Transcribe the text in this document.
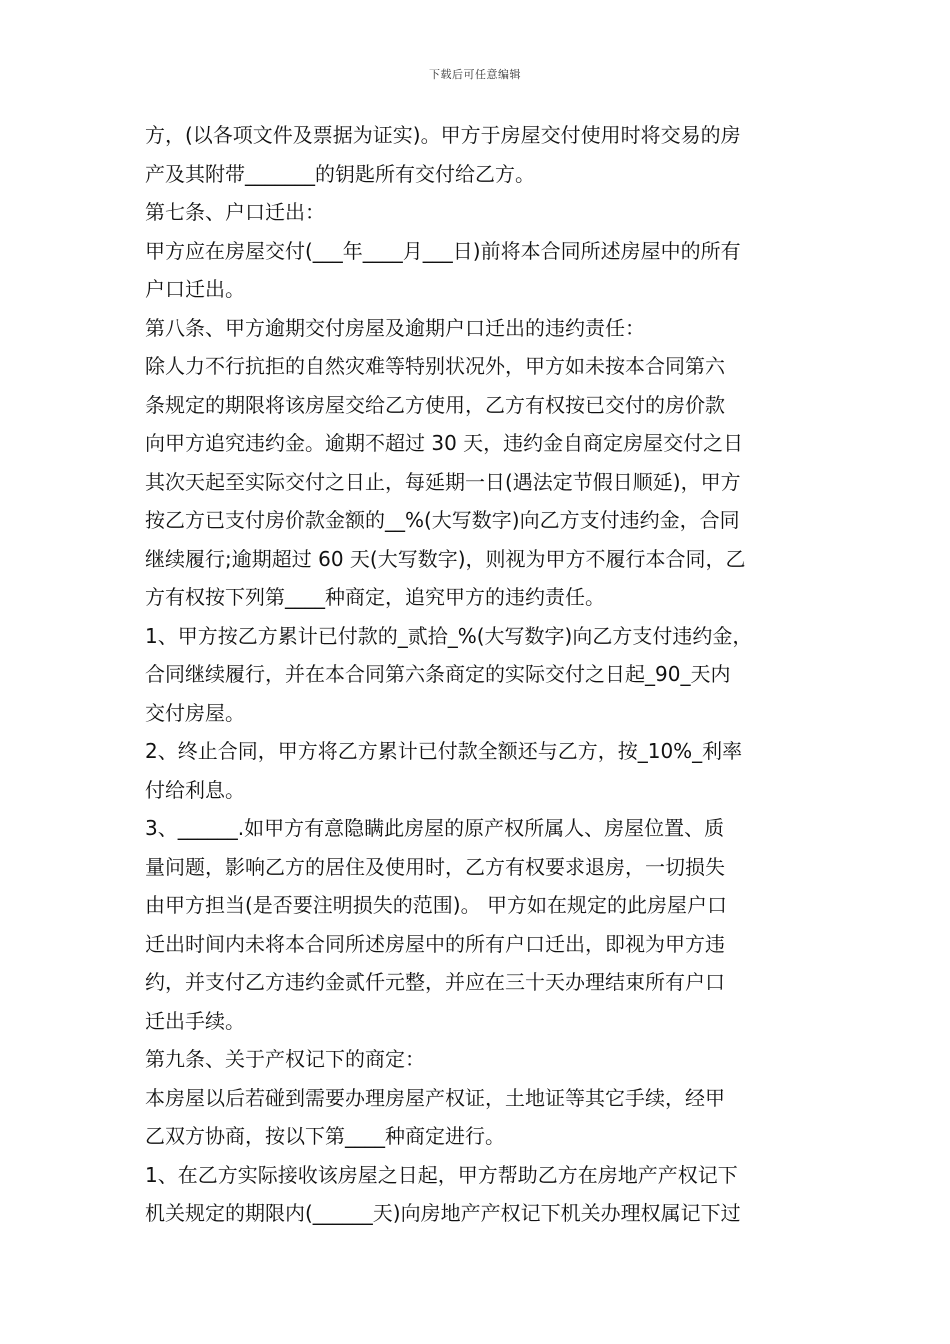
下载后可任意编辑
方，(以各项文件及票据为证实)。甲方于房屋交付使用时将交易的房
产及其附带_______的钥匙所有交付给乙方。
第七条、户口迁出：
甲方应在房屋交付(___年____月___日)前将本合同所述房屋中的所有
户口迁出。
第八条、甲方逾期交付房屋及逾期户口迁出的违约责任：
除人力不行抗拒的自然灾难等特别状况外，甲方如未按本合同第六
条规定的期限将该房屋交给乙方使用，乙方有权按已交付的房价款
向甲方追究违约金。逾期不超过 30 天，违约金自商定房屋交付之日
其次天起至实际交付之日止，每延期一日(遇法定节假日顺延)，甲方
按乙方已支付房价款金额的__%(大写数字)向乙方支付违约金，合同
继续履行;逾期超过 60 天(大写数字)，则视为甲方不履行本合同，乙
方有权按下列第____种商定，追究甲方的违约责任。
1、甲方按乙方累计已付款的_贰拾_%(大写数字)向乙方支付违约金，
合同继续履行，并在本合同第六条商定的实际交付之日起_90_天内
交付房屋。
2、终止合同，甲方将乙方累计已付款全额还与乙方，按_10%_利率
付给利息。
3、______.如甲方有意隐瞒此房屋的原产权所属人、房屋位置、质
量问题，影响乙方的居住及使用时，乙方有权要求退房，一切损失
由甲方担当(是否要注明损失的范围)。 甲方如在规定的此房屋户口
迁出时间内未将本合同所述房屋中的所有户口迁出，即视为甲方违
约，并支付乙方违约金贰仟元整，并应在三十天办理结束所有户口
迁出手续。
第九条、关于产权记下的商定：
本房屋以后若碰到需要办理房屋产权证，土地证等其它手续，经甲
乙双方协商，按以下第____种商定进行。
1、在乙方实际接收该房屋之日起，甲方帮助乙方在房地产产权记下
机关规定的期限内(______天)向房地产产权记下机关办理权属记下过
